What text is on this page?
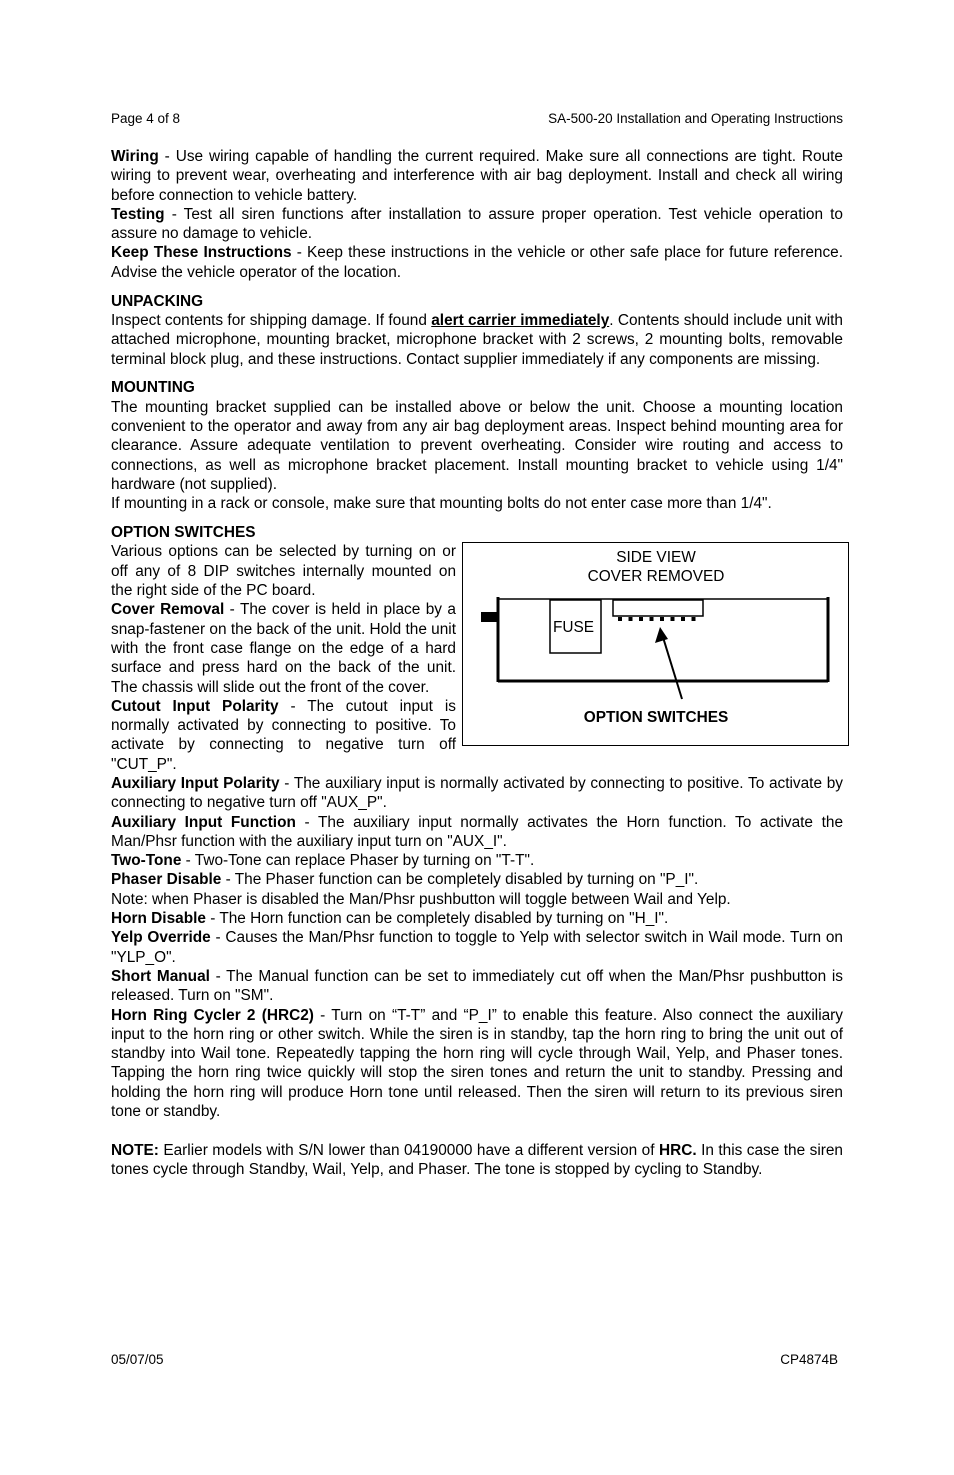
Page 4 of 8	SA-500-20 Installation and Operating Instructions

Wiring - Use wiring capable of handling the current required. Make sure all connections are tight. Route wiring to prevent wear, overheating and interference with air bag deployment. Install and check all wiring before connection to vehicle battery.

Testing - Test all siren functions after installation to assure proper operation. Test vehicle operation to assure no damage to vehicle.

Keep These Instructions - Keep these instructions in the vehicle or other safe place for future reference. Advise the vehicle operator of the location.

UNPACKING

Inspect contents for shipping damage. If found alert carrier immediately. Contents should include unit with attached microphone, mounting bracket, microphone bracket with 2 screws, 2 mounting bolts, removable terminal block plug, and these instructions. Contact supplier immediately if any components are missing.

MOUNTING

The mounting bracket supplied can be installed above or below the unit. Choose a mounting location convenient to the operator and away from any air bag deployment areas. Inspect behind mounting area for clearance. Assure adequate ventilation to prevent overheating. Consider wire routing and access to connections, as well as microphone bracket placement. Install mounting bracket to vehicle using 1/4" hardware (not supplied).

If mounting in a rack or console, make sure that mounting bolts do not enter case more than 1/4".

OPTION SWITCHES
SIDE VIEW
COVER REMOVED
FUSE
OPTION SWITCHES

Various options can be selected by turning on or off any of 8 DIP switches internally mounted on the right side of the PC board.

Cover Removal - The cover is held in place by a snap-fastener on the back of the unit. Hold the unit with the front case flange on the edge of a hard surface and press hard on the back of the unit. The chassis will slide out the front of the cover.

Cutout Input Polarity - The cutout input is normally activated by connecting to positive. To activate by connecting to negative turn off "CUT_P".

Auxiliary Input Polarity - The auxiliary input is normally activated by connecting to positive. To activate by connecting to negative turn off "AUX_P".

Auxiliary Input Function - The auxiliary input normally activates the Horn function. To activate the Man/Phsr function with the auxiliary input turn on "AUX_I".

Two-Tone - Two-Tone can replace Phaser by turning on "T-T".

Phaser Disable - The Phaser function can be completely disabled by turning on "P_I".

Note: when Phaser is disabled the Man/Phsr pushbutton will toggle between Wail and Yelp.

Horn Disable - The Horn function can be completely disabled by turning on "H_I".

Yelp Override - Causes the Man/Phsr function to toggle to Yelp with selector switch in Wail mode. Turn on "YLP_O".

Short Manual - The Manual function can be set to immediately cut off when the Man/Phsr pushbutton is released. Turn on "SM".

Horn Ring Cycler 2 (HRC2) - Turn on “T-T” and “P_I” to enable this feature. Also connect the auxiliary input to the horn ring or other switch. While the siren is in standby, tap the horn ring to bring the unit out of standby into Wail tone. Repeatedly tapping the horn ring will cycle through Wail, Yelp, and Phaser tones. Tapping the horn ring twice quickly will stop the siren tones and return the unit to standby. Pressing and holding the horn ring will produce Horn tone until released. Then the siren will return to its previous siren tone or standby.

NOTE: Earlier models with S/N lower than 04190000 have a different version of HRC. In this case the siren tones cycle through Standby, Wail, Yelp, and Phaser. The tone is stopped by cycling to Standby.

05/07/05	CP4874B
